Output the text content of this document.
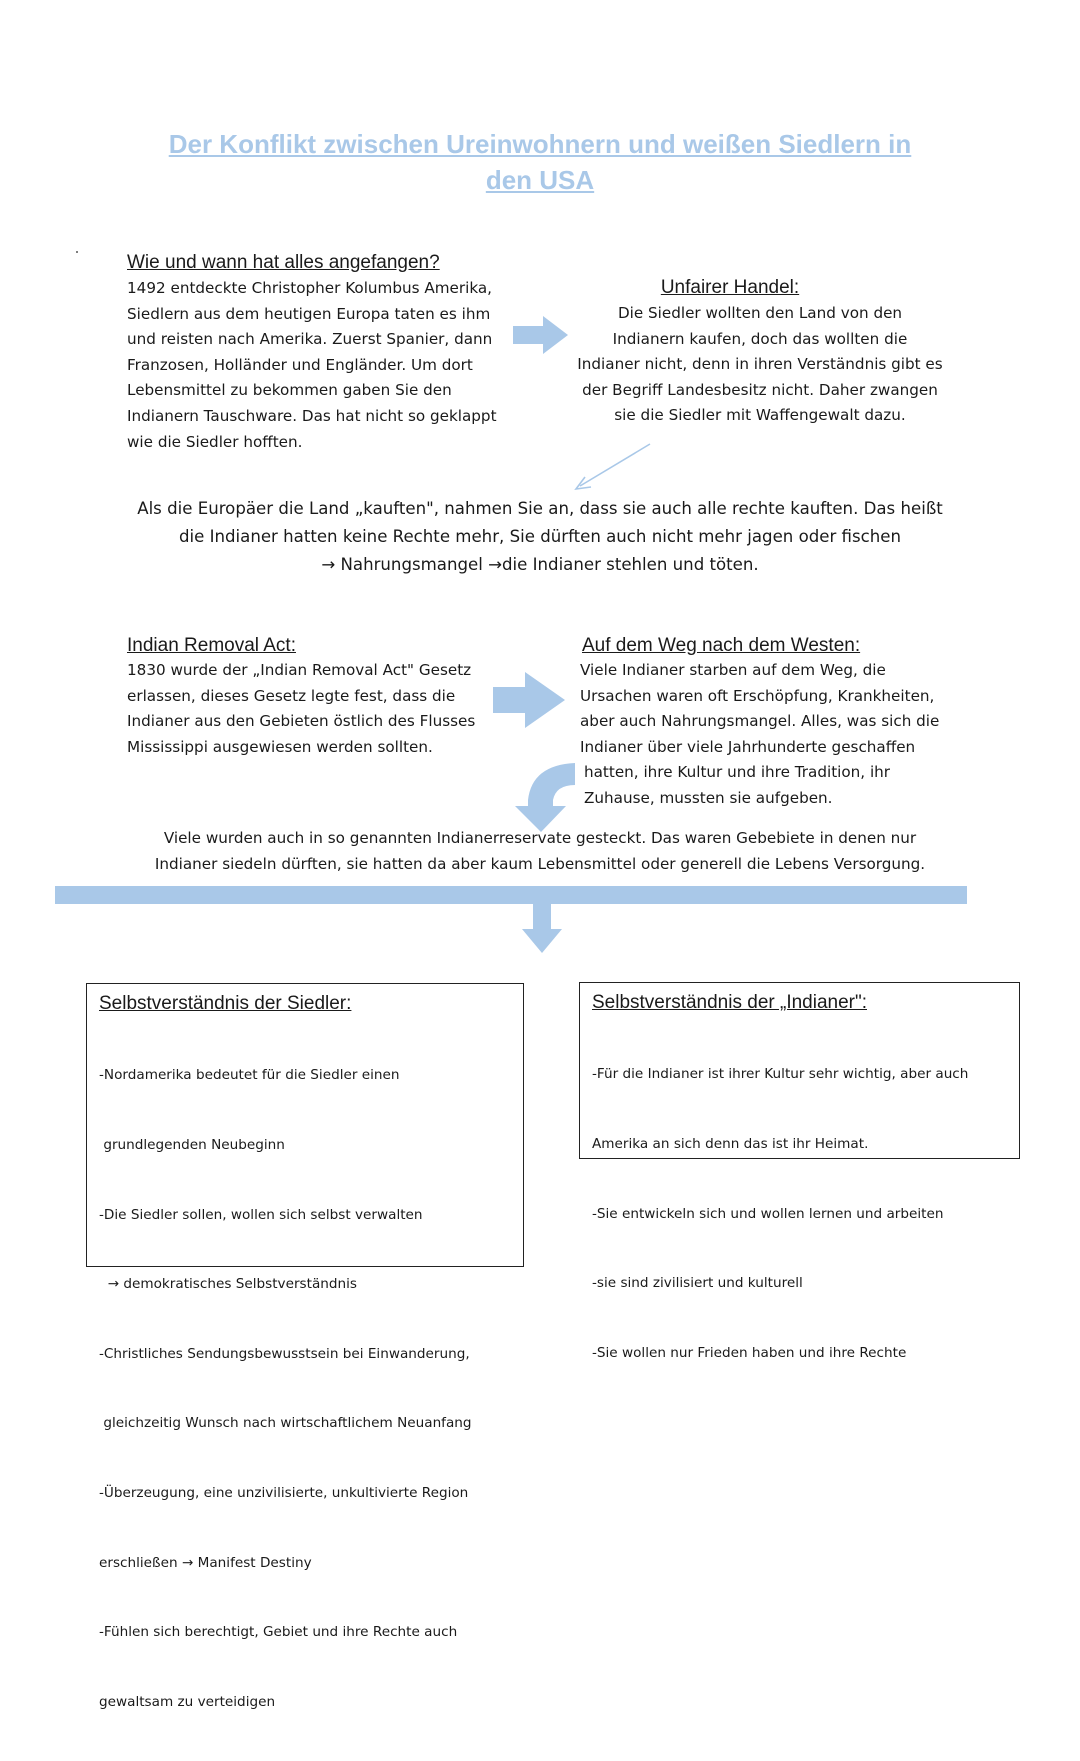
Der Konflikt zwischen Ureinwohnern und weißen Siedlern in
den USA
Wie und wann hat alles angefangen?
1492 entdeckte Christopher Kolumbus Amerika,
Siedlern aus dem heutigen Europa taten es ihm
und reisten nach Amerika. Zuerst Spanier, dann
Franzosen, Holländer und Engländer. Um dort
Lebensmittel zu bekommen gaben Sie den
Indianern Tauschware. Das hat nicht so geklappt
wie die Siedler hofften.
Unfairer Handel:
Die Siedler wollten den Land von den
Indianern kaufen, doch das wollten die
Indianer nicht, denn in ihren Verständnis gibt es
der Begriff Landesbesitz nicht. Daher zwangen
sie die Siedler mit Waffengewalt dazu.
Als die Europäer die Land „kauften", nahmen Sie an, dass sie auch alle rechte kauften. Das heißt
die Indianer hatten keine Rechte mehr, Sie dürften auch nicht mehr jagen oder fischen
→ Nahrungsmangel →die Indianer stehlen und töten.
Indian Removal Act:
1830 wurde der „Indian Removal Act" Gesetz
erlassen, dieses Gesetz legte fest, dass die
Indianer aus den Gebieten östlich des Flusses
Mississippi ausgewiesen werden sollten.
Auf dem Weg nach dem Westen:
Viele Indianer starben auf dem Weg, die
Ursachen waren oft Erschöpfung, Krankheiten,
aber auch Nahrungsmangel. Alles, was sich die
Indianer über viele Jahrhunderte geschaffen
hatten, ihre Kultur und ihre Tradition, ihr
Zuhause, mussten sie aufgeben.
Viele wurden auch in so genannten Indianerreservate gesteckt. Das waren Gebebiete in denen nur
Indianer siedeln dürften, sie hatten da aber kaum Lebensmittel oder generell die Lebens Versorgung.
Selbstverständnis der Siedler:

-Nordamerika bedeutet für die Siedler einen

grundlegenden Neubeginn

-Die Siedler sollen, wollen sich selbst verwalten

→ demokratisches Selbstverständnis

-Christliches Sendungsbewusstsein bei Einwanderung,

gleichzeitig Wunsch nach wirtschaftlichem Neuanfang

-Überzeugung, eine unzivilisierte, unkultivierte Region

erschließen → Manifest Destiny

-Fühlen sich berechtigt, Gebiet und ihre Rechte auch

gewaltsam zu verteidigen

Selbstverständnis der „Indianer":

-Für die Indianer ist ihrer Kultur sehr wichtig, aber auch

Amerika an sich denn das ist ihr Heimat.

-Sie entwickeln sich und wollen lernen und arbeiten

-sie sind zivilisiert und kulturell

-Sie wollen nur Frieden haben und ihre Rechte
